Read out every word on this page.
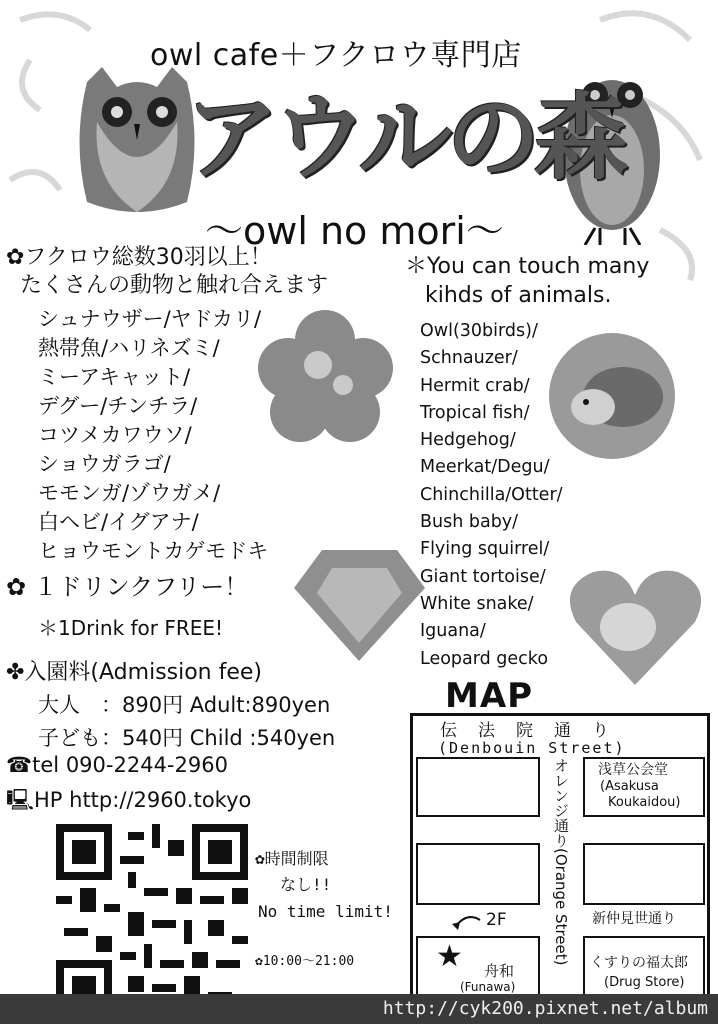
owl cafe＋フクロウ専門店
アウルの森
～owl no mori～
✿フクロウ総数30羽以上！
たくさんの動物と触れ合えます
シュナウザー/ヤドカリ/
熱帯魚/ハリネズミ/
ミーアキャット/
デグー/チンチラ/
コツメカワウソ/
ショウガラゴ/
モモンガ/ゾウガメ/
白ヘビ/イグアナ/
ヒョウモントカゲモドキ
＊You can touch many
kihds of animals.
Owl(30birds)/
Schnauzer/
Hermit crab/
Tropical fish/
Hedgehog/
Meerkat/Degu/
Chinchilla/Otter/
Bush baby/
Flying squirrel/
Giant tortoise/
White snake/
Iguana/
Leopard gecko
✿ １ドリンクフリー！
＊1Drink for FREE!
✤入園料(Admission fee)
大人　：890円 Adult:890yen
子ども：540円 Child :540yen
☎tel 090-2244-2960
🖳HP http://2960.tokyo
✿時間制限
なし!!
No time limit!
✿10:00～21:00
MAP
伝　法　院　通　り
(Denbouin Street)
オレンジ通り(Orange Street)	浅草公会堂
(Asakusa
Koukaidou)
2F	新仲見世通り
★ 舟和
(Funawa)
くすりの福太郎
(Drug Store)
http://cyk200.pixnet.net/album
